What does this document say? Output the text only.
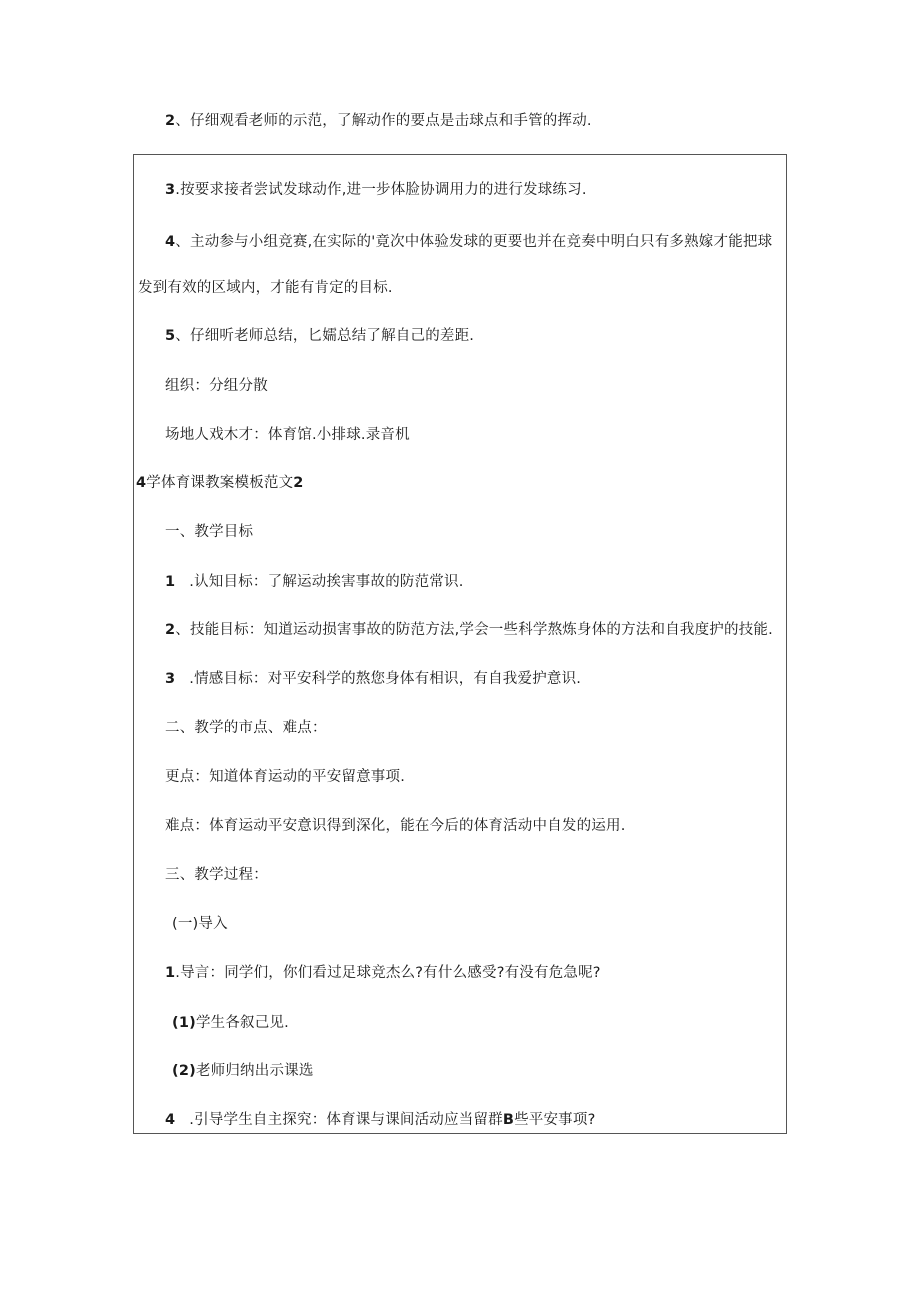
2、仔细观看老师的示范，了解动作的要点是击球点和手管的挥动.
3.按要求接者尝试发球动作,进一步体脸协调用力的进行发球练习.
4、主动参与小组竞赛,在实际的'竟次中体验发球的更要也并在竞奏中明白只有多熟嫁才能把球
发到有效的区域内，才能有肯定的目标.
5、仔细听老师总结，匕嬬总结了解自己的差距.
组织：分组分散
场地人戏木才：体育馆.小排球.录音机
4学体育课教案模板范文2
一、教学目标
1 .认知目标：了解运动挨害事故的防范常识.
2、技能目标：知道运动损害事故的防范方法,学会一些科学熬炼身体的方法和自我度护的技能.
3 .情感目标：对平安科学的熬您身体有相识，有自我爱护意识.
二、教学的市点、难点：
更点：知道体育运动的平安留意事项.
难点：体育运动平安意识得到深化，能在今后的体育活动中自发的运用.
三、教学过程：
(一)导入
1.导言：同学们，你们看过足球竞杰么?有什么感受?有没有危急呢?
(1)学生各叙己见.
(2)老师归纳出示课选
4 .引导学生自主探究：体育课与课间活动应当留群B些平安事项?
